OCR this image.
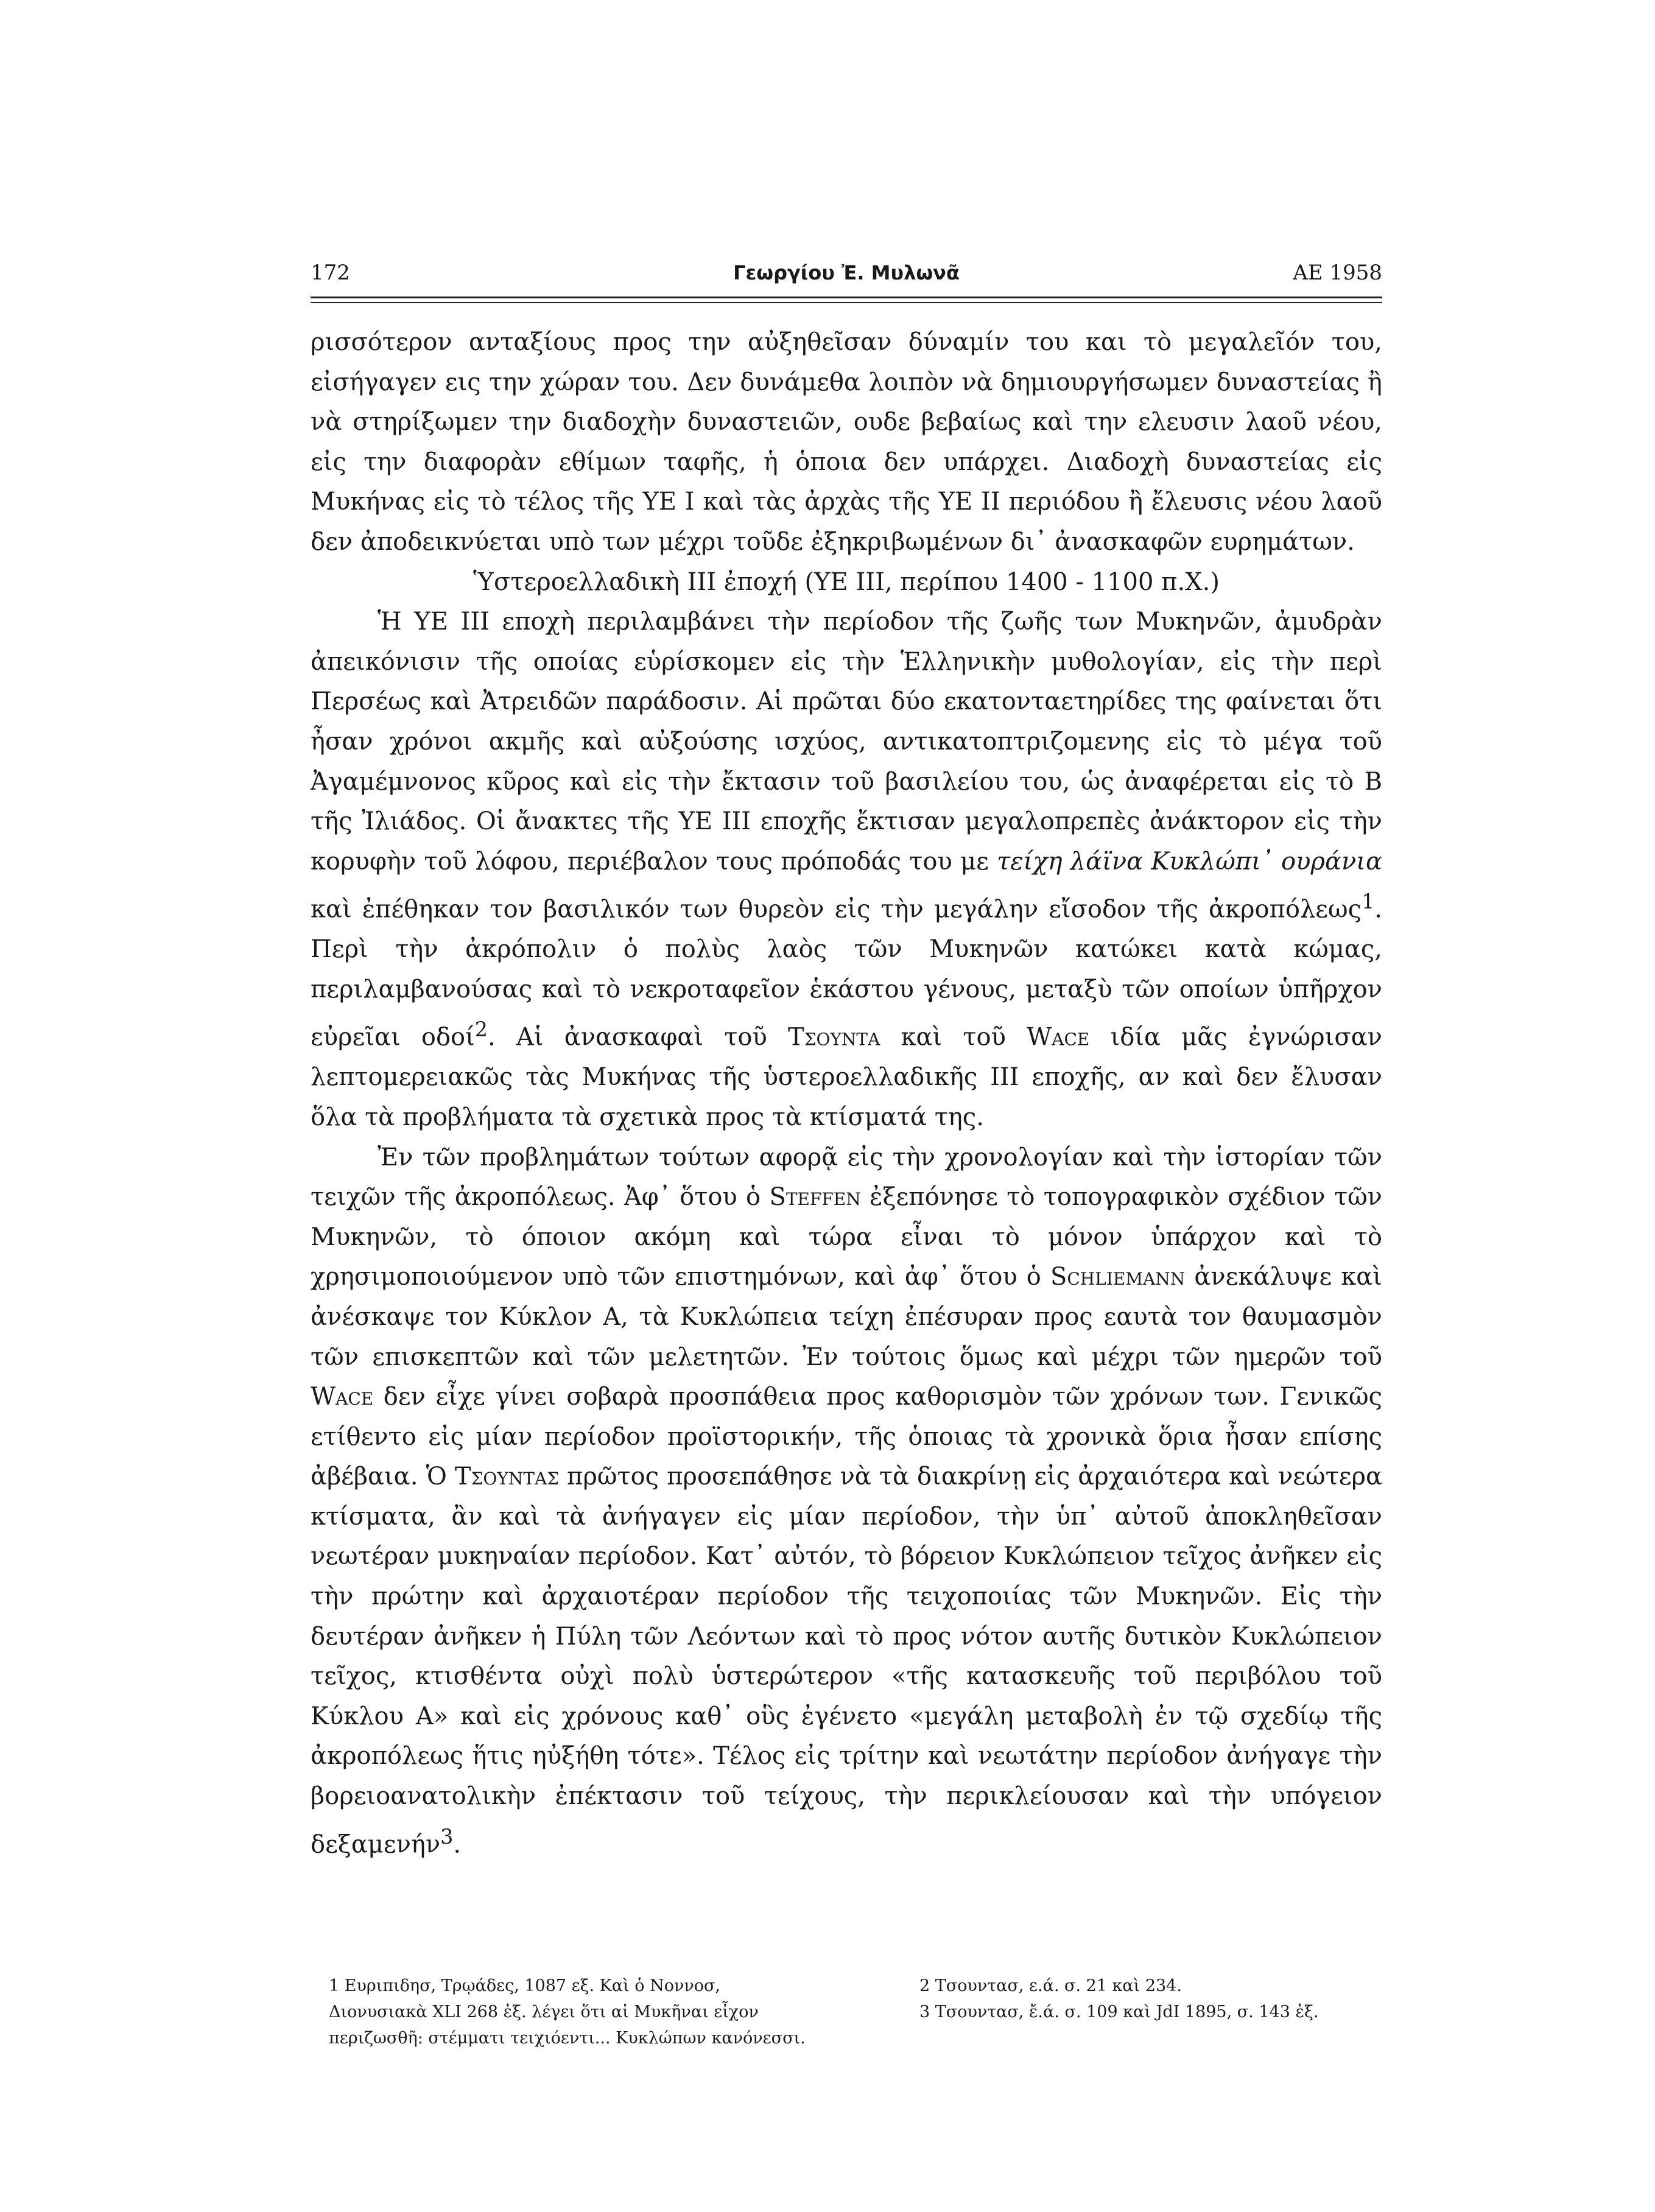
172	Γεωργίου Ἐ. Μυλωνᾶ	ΑΕ 1958

ρισσότερον ανταξίους προς την αὐξηθεῖσαν δύναμίν του και τὸ μεγαλεῖόν του, εἰσήγαγεν εις την χώραν του. Δεν δυνάμεθα λοιπὸν νὰ δημιουργήσωμεν δυναστείας ἢ νὰ στηρίξωμεν την διαδοχὴν δυναστειῶν, ουδε βεβαίως καὶ την ελευσιν λαοῦ νέου, εἰς την διαφορὰν εθίμων ταφῆς, ἡ ὁποια δεν υπάρχει. Διαδοχὴ δυναστείας εἰς Μυκήνας εἰς τὸ τέλος τῆς ΥΕ Ι καὶ τὰς ἀρχὰς τῆς ΥΕ ΙΙ περιόδου ἢ ἔλευσις νέου λαοῦ δεν ἀποδεικνύεται υπὸ των μέχρι τοῦδε ἐξηκριβωμένων δι᾽ ἀνασκαφῶν ευρημάτων.

Ὑστεροελλαδικὴ ΙΙΙ ἐποχή (ΥΕ ΙΙΙ, περίπου 1400 - 1100 π.Χ.)

Ἡ ΥΕ ΙΙΙ εποχὴ περιλαμβάνει τὴν περίοδον τῆς ζωῆς των Μυκηνῶν, ἀμυδρὰν ἀπεικόνισιν τῆς οποίας εὑρίσκομεν εἰς τὴν Ἑλληνικὴν μυθολογίαν, εἰς τὴν περὶ Περσέως καὶ Ἀτρειδῶν παράδοσιν. Αἱ πρῶται δύο εκατονταετηρίδες της φαίνεται ὅτι ἦσαν χρόνοι ακμῆς καὶ αὐξούσης ισχύος, αντικατοπτριζομενης εἰς τὸ μέγα τοῦ Ἀγαμέμνονος κῦρος καὶ εἰς τὴν ἔκτασιν τοῦ βασιλείου του, ὡς ἀναφέρεται εἰς τὸ Β τῆς Ἰλιάδος. Οἱ ἄνακτες τῆς ΥΕ ΙΙΙ εποχῆς ἔκτισαν μεγαλοπρεπὲς ἀνάκτορον εἰς τὴν κορυφὴν τοῦ λόφου, περιέβαλον τους πρόποδάς του με τείχη λάϊνα Κυκλώπι᾽ ουράνια καὶ ἐπέθηκαν τον βασιλικόν των θυρεὸν εἰς τὴν μεγάλην εἴσοδον τῆς ἀκροπόλεως$^1$. Περὶ τὴν ἀκρόπολιν ὁ πολὺς λαὸς τῶν Μυκηνῶν κατώκει κατὰ κώμας, περιλαμβανούσας καὶ τὸ νεκροταφεῖον ἑκάστου γένους, μεταξὺ τῶν οποίων ὑπῆρχον εὐρεῖαι οδοί$^2$. Αἱ ἀνασκαφαὶ τοῦ Τσουντα καὶ τοῦ Wace ιδία μᾶς ἐγνώρισαν λεπτομερειακῶς τὰς Μυκήνας τῆς ὑστεροελλαδικῆς ΙΙΙ εποχῆς, αν καὶ δεν ἔλυσαν ὅλα τὰ προβλήματα τὰ σχετικὰ προς τὰ κτίσματά της.

Ἐν τῶν προβλημάτων τούτων αφορᾷ εἰς τὴν χρονολογίαν καὶ τὴν ἱστορίαν τῶν τειχῶν τῆς ἀκροπόλεως. Ἀφ᾽ ὅτου ὁ Steffen ἐξεπόνησε τὸ τοπογραφικὸν σχέδιον τῶν Μυκηνῶν, τὸ όποιον ακόμη καὶ τώρα εἶναι τὸ μόνον ὑπάρχον καὶ τὸ χρησιμοποιούμενον υπὸ τῶν επιστημόνων, καὶ ἀφ᾽ ὅτου ὁ Schliemann ἀνεκάλυψε καὶ ἀνέσκαψε τον Κύκλον Α, τὰ Κυκλώπεια τείχη ἐπέσυραν προς εαυτὰ τον θαυμασμὸν τῶν επισκεπτῶν καὶ τῶν μελετητῶν. Ἐν τούτοις ὅμως καὶ μέχρι τῶν ημερῶν τοῦ Wace δεν εἶχε γίνει σοβαρὰ προσπάθεια προς καθορισμὸν τῶν χρόνων των. Γενικῶς ετίθεντο εἰς μίαν περίοδον προϊστορικήν, τῆς ὁποιας τὰ χρονικὰ ὅρια ἦσαν επίσης ἀβέβαια. Ὁ Τσουντας πρῶτος προσεπάθησε νὰ τὰ διακρίνῃ εἰς ἀρχαιότερα καὶ νεώτερα κτίσματα, ἂν καὶ τὰ ἀνήγαγεν εἰς μίαν περίοδον, τὴν ὑπ᾽ αὐτοῦ ἀποκληθεῖσαν νεωτέραν μυκηναίαν περίοδον. Κατ᾽ αὐτόν, τὸ βόρειον Κυκλώπειον τεῖχος ἀνῆκεν εἰς τὴν πρώτην καὶ ἀρχαιοτέραν περίοδον τῆς τειχοποιίας τῶν Μυκηνῶν. Εἰς τὴν δευτέραν ἀνῆκεν ἡ Πύλη τῶν Λεόντων καὶ τὸ προς νότον αυτῆς δυτικὸν Κυκλώπειον τεῖχος, κτισθέντα οὐχὶ πολὺ ὑστερώτερον «τῆς κατασκευῆς τοῦ περιβόλου τοῦ Κύκλου Α» καὶ εἰς χρόνους καθ᾽ οὓς ἐγένετο «μεγάλη μεταβολὴ ἐν τῷ σχεδίῳ τῆς ἀκροπόλεως ἥτις ηὐξήθη τότε». Τέλος εἰς τρίτην καὶ νεωτάτην περίοδον ἀνήγαγε τὴν βορειοανατολικὴν ἐπέκτασιν τοῦ τείχους, τὴν περικλείουσαν καὶ τὴν υπόγειον δεξαμενήν$^3$.

1 Ευριπιδησ, Τρῳάδες, 1087 εξ. Καὶ ὁ Νοννοσ,

Διονυσιακὰ XLI 268 ἑξ. λέγει ὅτι αἱ Μυκῆναι εἶχον

περιζωσθῆ: στέμματι τειχιόεντι... Κυκλώπων κανόνεσσι.

2 Τσουντασ, ε.ά. σ. 21 καὶ 234.

3 Τσουντασ, ἔ.ά. σ. 109 καὶ JdI 1895, σ. 143 ἑξ.
